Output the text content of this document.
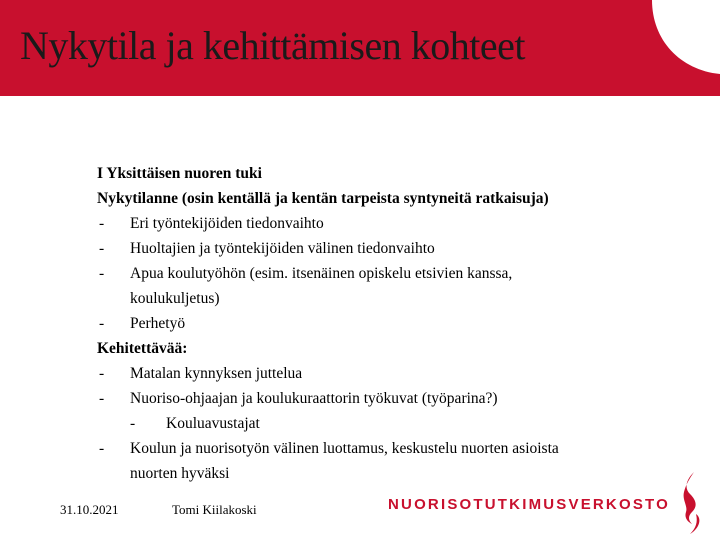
Nykytila ja kehittämisen kohteet
I Yksittäisen nuoren tuki
Nykytilanne (osin kentällä ja kentän tarpeista syntyneitä ratkaisuja)
-	Eri työntekijöiden tiedonvaihto
-	Huoltajien ja työntekijöiden välinen tiedonvaihto
-	Apua koulutyöhön (esim. itsenäinen opiskelu etsivien kanssa,
koulukuljetus)
-	Perhetyö
Kehitettävää:
-	Matalan kynnyksen juttelua
-	Nuoriso-ohjaajan ja koulukuraattorin työkuvat (työparina?)
-	Kouluavustajat
-	Koulun ja nuorisotyön välinen luottamus, keskustelu nuorten asioista
nuorten hyväksi
31.10.2021	Tomi Kiilakoski	NUORISOTUTKIMUSVERKOSTO
